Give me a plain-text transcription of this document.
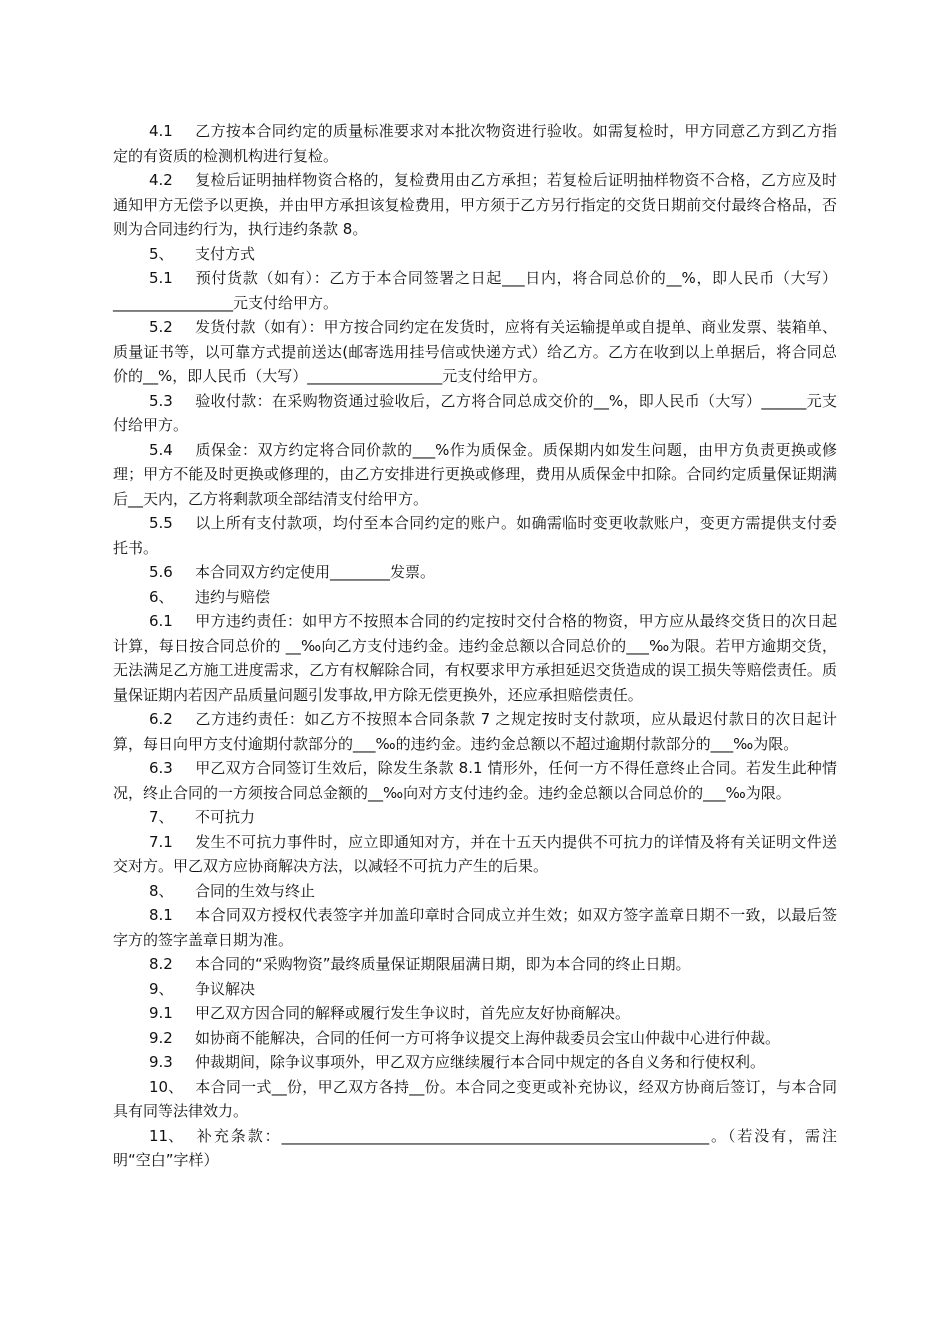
4.1 乙方按本合同约定的质量标准要求对本批次物资进行验收。如需复检时，甲方同意乙方到乙方指定的有资质的检测机构进行复检。

4.2 复检后证明抽样物资合格的，复检费用由乙方承担；若复检后证明抽样物资不合格，乙方应及时通知甲方无偿予以更换，并由甲方承担该复检费用，甲方须于乙方另行指定的交货日期前交付最终合格品，否则为合同违约行为，执行违约条款 8。

5、 支付方式

5.1 预付货款（如有）：乙方于本合同签署之日起___日内，将合同总价的__%，即人民币（大写）________________元支付给甲方。

5.2 发货付款（如有）：甲方按合同约定在发货时，应将有关运输提单或自提单、商业发票、装箱单、质量证书等，以可靠方式提前送达(邮寄选用挂号信或快递方式）给乙方。乙方在收到以上单据后，将合同总价的__%，即人民币（大写）__________________元支付给甲方。

5.3 验收付款：在采购物资通过验收后，乙方将合同总成交价的__%，即人民币（大写）______元支付给甲方。

5.4 质保金：双方约定将合同价款的___%作为质保金。质保期内如发生问题，由甲方负责更换或修理；甲方不能及时更换或修理的，由乙方安排进行更换或修理，费用从质保金中扣除。合同约定质量保证期满后__天内，乙方将剩款项全部结清支付给甲方。

5.5 以上所有支付款项，均付至本合同约定的账户。如确需临时变更收款账户，变更方需提供支付委托书。

5.6 本合同双方约定使用________发票。

6、 违约与赔偿

6.1 甲方违约责任：如甲方不按照本合同的约定按时交付合格的物资，甲方应从最终交货日的次日起计算，每日按合同总价的 __‰向乙方支付违约金。违约金总额以合同总价的___‰为限。若甲方逾期交货，无法满足乙方施工进度需求，乙方有权解除合同，有权要求甲方承担延迟交货造成的误工损失等赔偿责任。质量保证期内若因产品质量问题引发事故,甲方除无偿更换外，还应承担赔偿责任。

6.2 乙方违约责任：如乙方不按照本合同条款 7 之规定按时支付款项，应从最迟付款日的次日起计算，每日向甲方支付逾期付款部分的___‰的违约金。违约金总额以不超过逾期付款部分的___‰为限。

6.3 甲乙双方合同签订生效后，除发生条款 8.1 情形外，任何一方不得任意终止合同。若发生此种情况，终止合同的一方须按合同总金额的__‰向对方支付违约金。违约金总额以合同总价的___‰为限。

7、 不可抗力

7.1 发生不可抗力事件时，应立即通知对方，并在十五天内提供不可抗力的详情及将有关证明文件送交对方。甲乙双方应协商解决方法，以减轻不可抗力产生的后果。

8、 合同的生效与终止

8.1 本合同双方授权代表签字并加盖印章时合同成立并生效；如双方签字盖章日期不一致，以最后签字方的签字盖章日期为准。

8.2 本合同的“采购物资”最终质量保证期限届满日期，即为本合同的终止日期。

9、 争议解决

9.1 甲乙双方因合同的解释或履行发生争议时，首先应友好协商解决。

9.2 如协商不能解决，合同的任何一方可将争议提交上海仲裁委员会宝山仲裁中心进行仲裁。

9.3 仲裁期间，除争议事项外，甲乙双方应继续履行本合同中规定的各自义务和行使权利。

10、 本合同一式__份，甲乙双方各持__份。本合同之变更或补充协议，经双方协商后签订，与本合同具有同等法律效力。

11、 补充条款：_________________________________________________________。（若没有，需注明“空白”字样）
